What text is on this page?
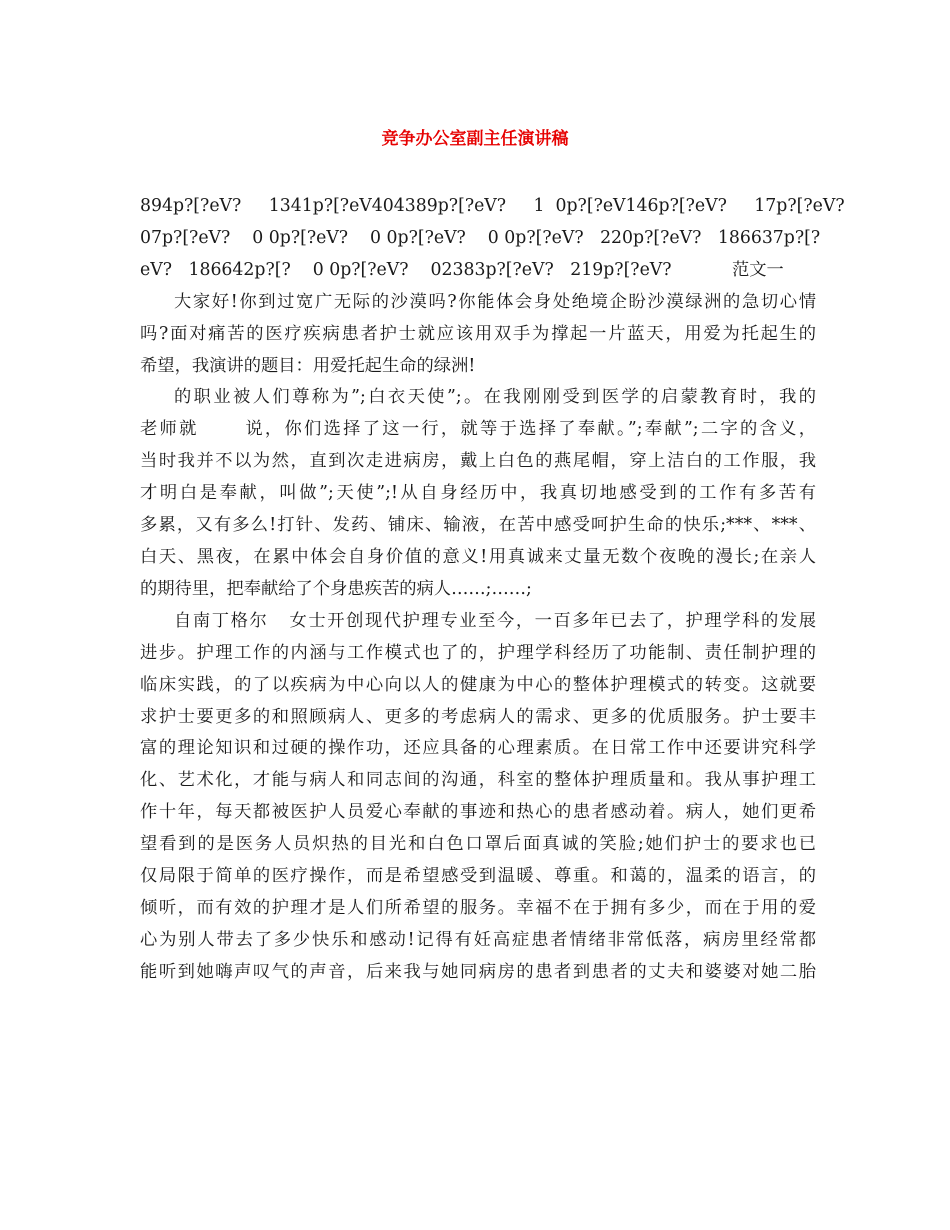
竞争办公室副主任演讲稿
894p?[?eV?     1341p?[?eV404389p?[?eV?     1  0p?[?eV146p?[?eV?     17p?[?eV?
07p?[?eV?    0 0p?[?eV?    0 0p?[?eV?    0 0p?[?eV?   220p?[?eV?   186637p?[?
eV?   186642p?[?    0 0p?[?eV?    02383p?[?eV?   219p?[?eV?           范文一
大家好!你到过宽广无际的沙漠吗?你能体会身处绝境企盼沙漠绿洲的急切心情
吗?面对痛苦的医疗疾病患者护士就应该用双手为撑起一片蓝天，用爱为托起生的
希望，我演讲的题目：用爱托起生命的绿洲!
的职业被人们尊称为”;白衣天使”;。在我刚刚受到医学的启蒙教育时，我的
老师就      说，你们选择了这一行，就等于选择了奉献。”;奉献”;二字的含义，
当时我并不以为然，直到次走进病房，戴上白色的燕尾帽，穿上洁白的工作服，我
才明白是奉献，叫做”;天使”;!从自身经历中，我真切地感受到的工作有多苦有
多累，又有多么!打针、发药、铺床、输液，在苦中感受呵护生命的快乐;***、***、
白天、黑夜，在累中体会自身价值的意义!用真诚来丈量无数个夜晚的漫长;在亲人
的期待里，把奉献给了个身患疾苦的病人……;……;
自南丁格尔   女士开创现代护理专业至今，一百多年已去了，护理学科的发展
进步。护理工作的内涵与工作模式也了的，护理学科经历了功能制、责任制护理的
临床实践，的了以疾病为中心向以人的健康为中心的整体护理模式的转变。这就要
求护士要更多的和照顾病人、更多的考虑病人的需求、更多的优质服务。护士要丰
富的理论知识和过硬的操作功，还应具备的心理素质。在日常工作中还要讲究科学
化、艺术化，才能与病人和同志间的沟通，科室的整体护理质量和。我从事护理工
作十年，每天都被医护人员爱心奉献的事迹和热心的患者感动着。病人，她们更希
望看到的是医务人员炽热的目光和白色口罩后面真诚的笑脸;她们护士的要求也已
仅局限于简单的医疗操作，而是希望感受到温暖、尊重。和蔼的，温柔的语言，的
倾听，而有效的护理才是人们所希望的服务。幸福不在于拥有多少，而在于用的爱
心为别人带去了多少快乐和感动!记得有妊高症患者情绪非常低落，病房里经常都
能听到她嗨声叹气的声音，后来我与她同病房的患者到患者的丈夫和婆婆对她二胎
